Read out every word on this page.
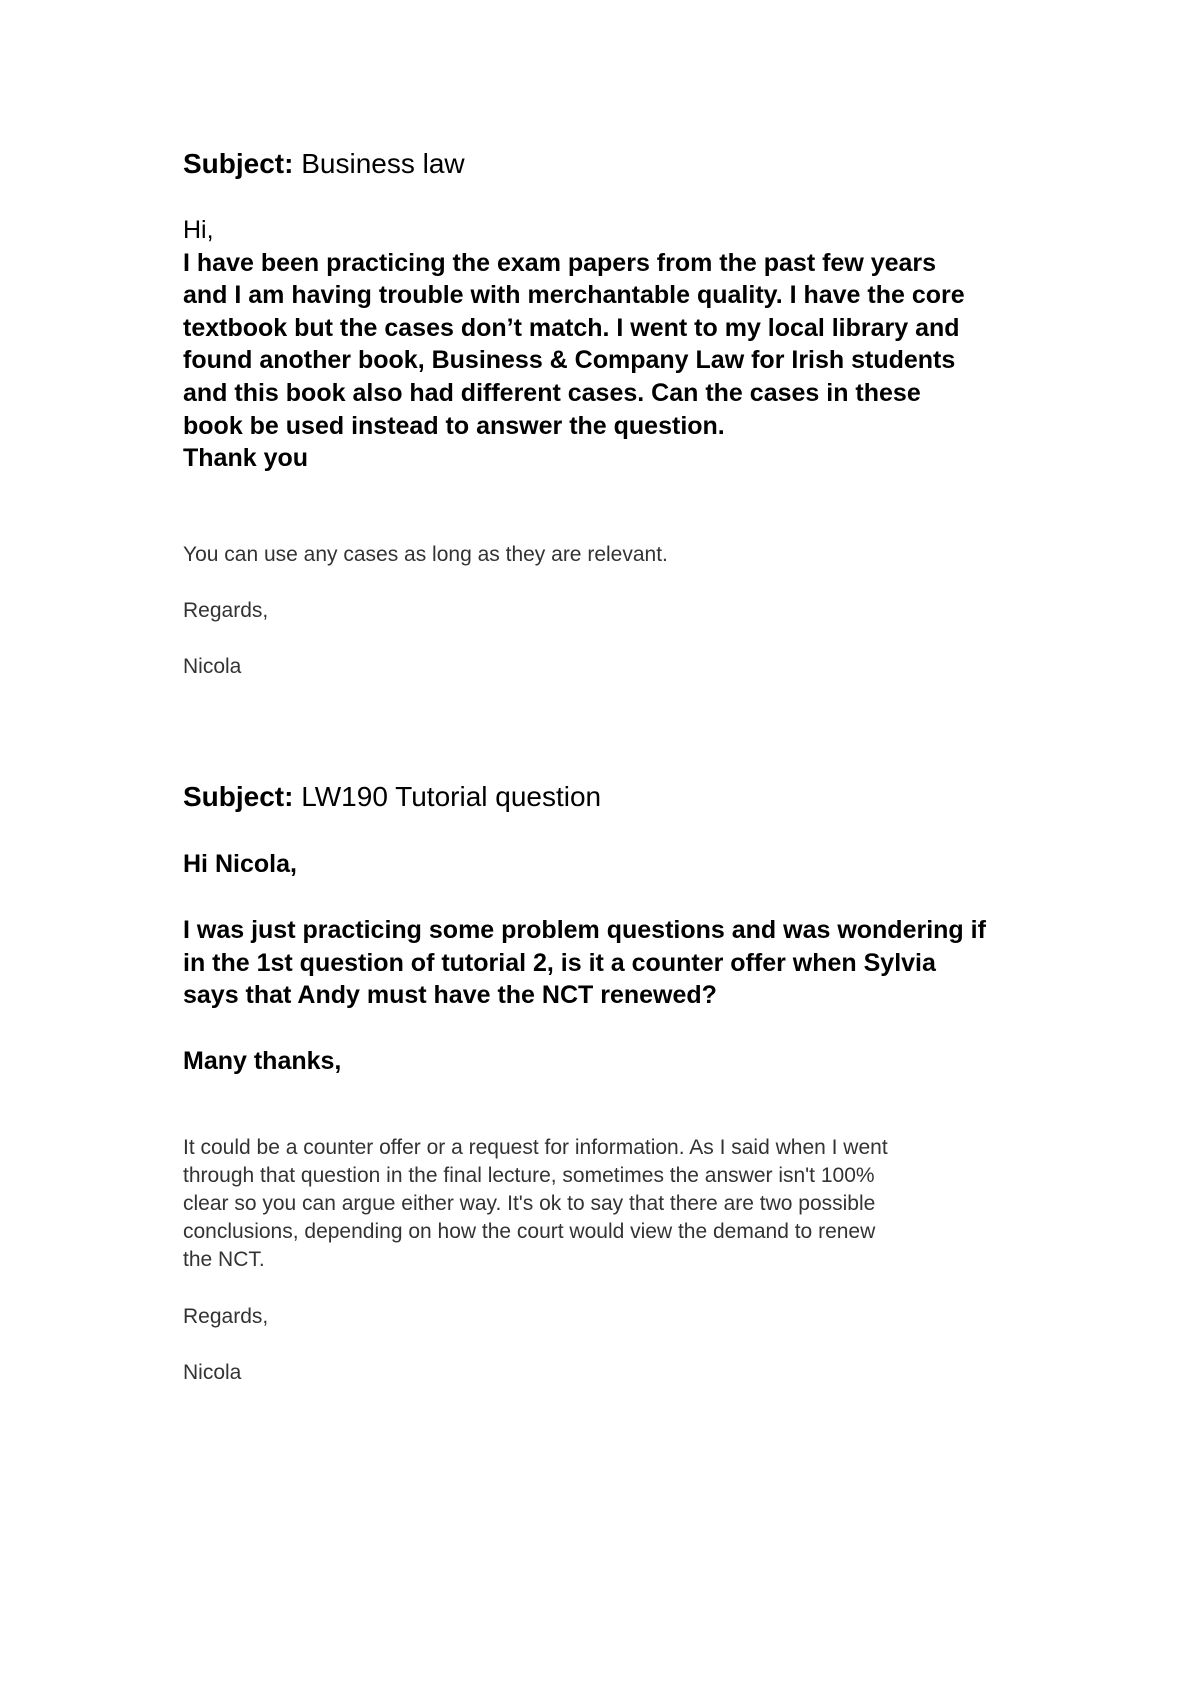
Subject: Business law
Hi,
I have been practicing the exam papers from the past few years
and I am having trouble with merchantable quality. I have the core
textbook but the cases don’t match. I went to my local library and
found another book, Business & Company Law for Irish students
and this book also had different cases. Can the cases in these
book be used instead to answer the question.
Thank you
You can use any cases as long as they are relevant.
Regards,
Nicola
Subject: LW190 Tutorial question
Hi Nicola,
I was just practicing some problem questions and was wondering if
in the 1st question of tutorial 2, is it a counter offer when Sylvia
says that Andy must have the NCT renewed?
Many thanks,
It could be a counter offer or a request for information. As I said when I went
through that question in the final lecture, sometimes the answer isn't 100%
clear so you can argue either way. It's ok to say that there are two possible
conclusions, depending on how the court would view the demand to renew
the NCT.
Regards,
Nicola
